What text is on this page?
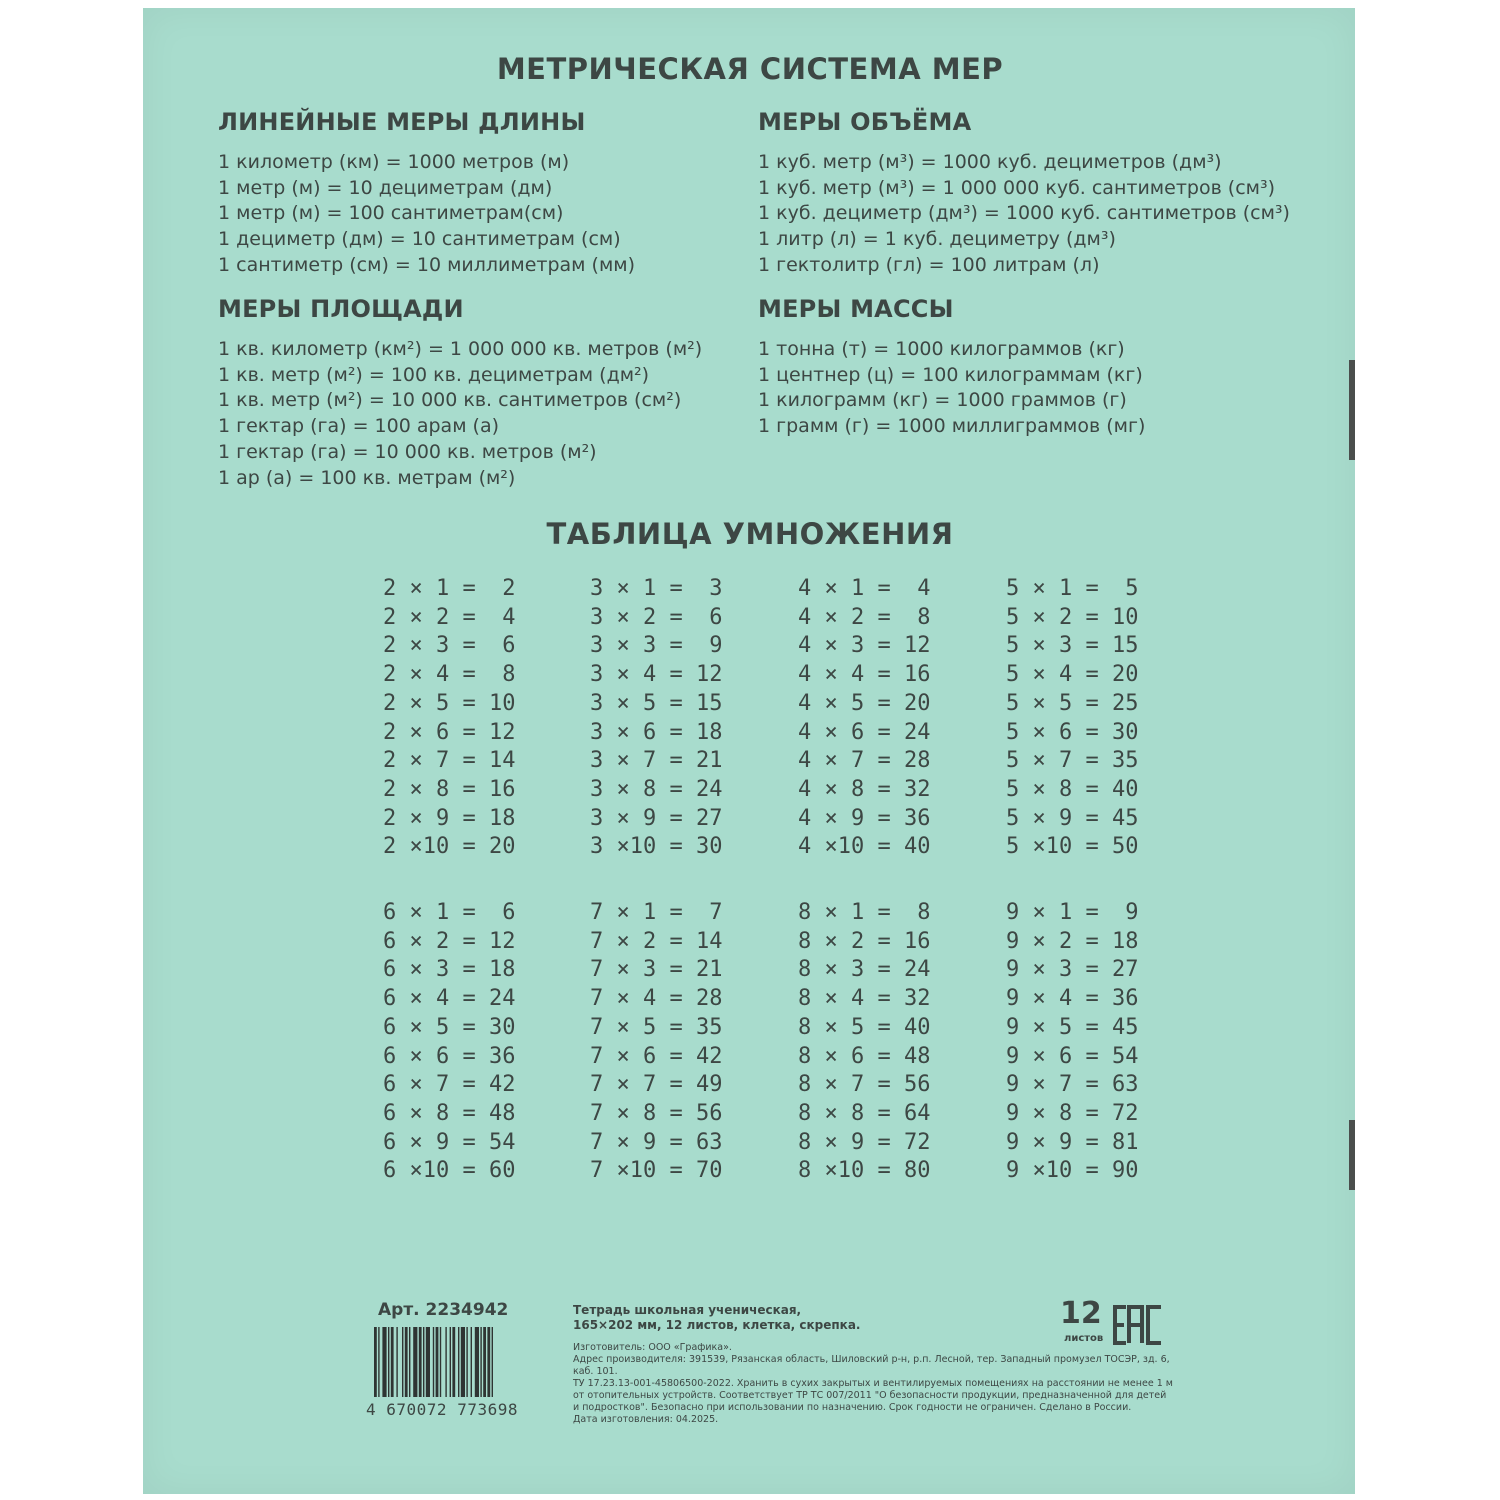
МЕТРИЧЕСКАЯ СИСТЕМА МЕР
ЛИНЕЙНЫЕ МЕРЫ ДЛИНЫ
1 километр (км) = 1000 метров (м)
1 метр (м) = 10 дециметрам (дм)
1 метр (м) = 100 сантиметрам(см)
1 дециметр (дм) = 10 сантиметрам (см)
1 сантиметр (см) = 10 миллиметрам (мм)
МЕРЫ ОБЪЁМА
1 куб. метр (м³) = 1000 куб. дециметров (дм³)
1 куб. метр (м³) = 1 000 000 куб. сантиметров (см³)
1 куб. дециметр (дм³) = 1000 куб. сантиметров (см³)
1 литр (л) = 1 куб. дециметру (дм³)
1 гектолитр (гл) = 100 литрам (л)
МЕРЫ ПЛОЩАДИ
1 кв. километр (км²) = 1 000 000 кв. метров (м²)
1 кв. метр (м²) = 100 кв. дециметрам (дм²)
1 кв. метр (м²) = 10 000 кв. сантиметров (см²)
1 гектар (га) = 100 арам (а)
1 гектар (га) = 10 000 кв. метров (м²)
1 ар (а) = 100 кв. метрам (м²)
МЕРЫ МАССЫ
1 тонна (т) = 1000 килограммов (кг)
1 центнер (ц) = 100 килограммам (кг)
1 килограмм (кг) = 1000 граммов (г)
1 грамм (г) = 1000 миллиграммов (мг)
ТАБЛИЦА УМНОЖЕНИЯ
2 × 1 =  2
2 × 2 =  4
2 × 3 =  6
2 × 4 =  8
2 × 5 = 10
2 × 6 = 12
2 × 7 = 14
2 × 8 = 16
2 × 9 = 18
2 ×10 = 20
3 × 1 =  3
3 × 2 =  6
3 × 3 =  9
3 × 4 = 12
3 × 5 = 15
3 × 6 = 18
3 × 7 = 21
3 × 8 = 24
3 × 9 = 27
3 ×10 = 30
4 × 1 =  4
4 × 2 =  8
4 × 3 = 12
4 × 4 = 16
4 × 5 = 20
4 × 6 = 24
4 × 7 = 28
4 × 8 = 32
4 × 9 = 36
4 ×10 = 40
5 × 1 =  5
5 × 2 = 10
5 × 3 = 15
5 × 4 = 20
5 × 5 = 25
5 × 6 = 30
5 × 7 = 35
5 × 8 = 40
5 × 9 = 45
5 ×10 = 50
6 × 1 =  6
6 × 2 = 12
6 × 3 = 18
6 × 4 = 24
6 × 5 = 30
6 × 6 = 36
6 × 7 = 42
6 × 8 = 48
6 × 9 = 54
6 ×10 = 60
7 × 1 =  7
7 × 2 = 14
7 × 3 = 21
7 × 4 = 28
7 × 5 = 35
7 × 6 = 42
7 × 7 = 49
7 × 8 = 56
7 × 9 = 63
7 ×10 = 70
8 × 1 =  8
8 × 2 = 16
8 × 3 = 24
8 × 4 = 32
8 × 5 = 40
8 × 6 = 48
8 × 7 = 56
8 × 8 = 64
8 × 9 = 72
8 ×10 = 80
9 × 1 =  9
9 × 2 = 18
9 × 3 = 27
9 × 4 = 36
9 × 5 = 45
9 × 6 = 54
9 × 7 = 63
9 × 8 = 72
9 × 9 = 81
9 ×10 = 90
Арт. 2234942
4 670072 773698
Тетрадь школьная ученическая,
165×202 мм, 12 листов, клетка, скрепка.
Изготовитель: ООО «Графика».
Адрес производителя: 391539, Рязанская область, Шиловский р-н, р.п. Лесной, тер. Западный промузел ТОСЭР, зд. 6, каб. 101.
ТУ 17.23.13-001-45806500-2022. Хранить в сухих закрытых и вентилируемых помещениях на расстоянии не менее 1 м
от отопительных устройств. Соответствует ТР ТС 007/2011 "О безопасности продукции, предназначенной для детей
и подростков". Безопасно при использовании по назначению. Срок годности не ограничен. Сделано в России.
Дата изготовления: 04.2025.
12
листов
